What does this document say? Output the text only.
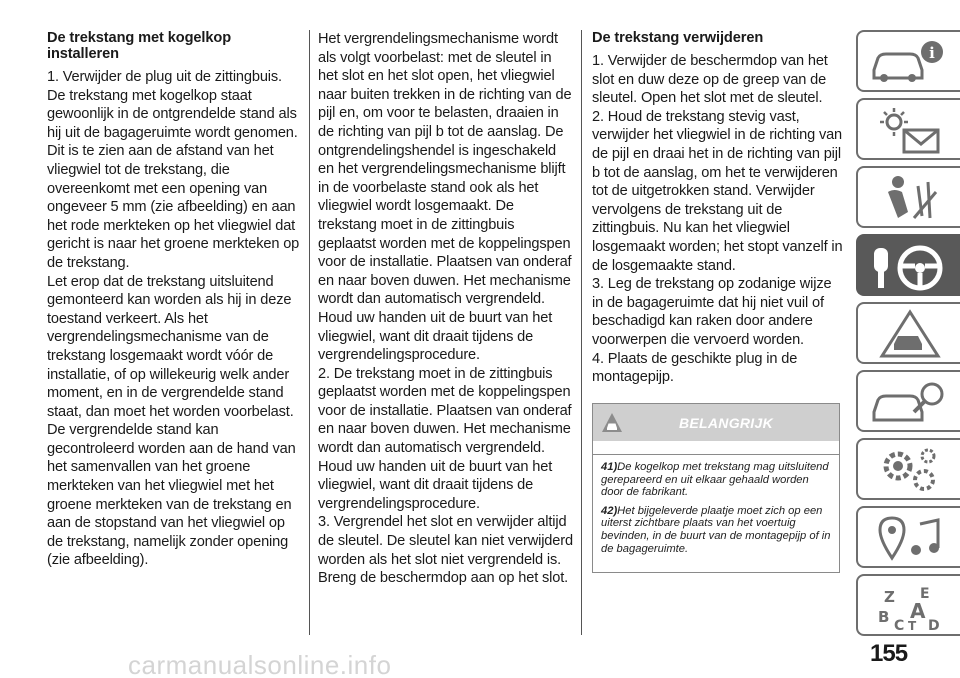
De trekstang met kogelkop installeren

1. Verwijder de plug uit de zittingbuis. De trekstang met kogelkop staat gewoonlijk in de ontgrendelde stand als hij uit de bagageruimte wordt genomen. Dit is te zien aan de afstand van het vliegwiel tot de trekstang, die overeenkomt met een opening van ongeveer 5 mm (zie afbeelding) en aan het rode merkteken op het vliegwiel dat gericht is naar het groene merkteken op de trekstang.

Let erop dat de trekstang uitsluitend gemonteerd kan worden als hij in deze toestand verkeert. Als het vergrendelingsmechanisme van de trekstang losgemaakt wordt vóór de installatie, of op willekeurig welk ander moment, en in de vergrendelde stand staat, dan moet het worden voorbelast. De vergrendelde stand kan gecontroleerd worden aan de hand van het samenvallen van het groene merkteken van het vliegwiel met het groene merkteken van de trekstang en aan de stopstand van het vliegwiel op de trekstang, namelijk zonder opening (zie afbeelding).

Het vergrendelingsmechanisme wordt als volgt voorbelast: met de sleutel in het slot en het slot open, het vliegwiel naar buiten trekken in de richting van de pijl en, om voor te belasten, draaien in de richting van pijl b tot de aanslag. De ontgrendelingshendel is ingeschakeld en het vergrendelingsmechanisme blijft in de voorbelaste stand ook als het vliegwiel wordt losgemaakt. De trekstang moet in de zittingbuis geplaatst worden met de koppelingspen voor de installatie. Plaatsen van onderaf en naar boven duwen. Het mechanisme wordt dan automatisch vergrendeld. Houd uw handen uit de buurt van het vliegwiel, want dit draait tijdens de vergrendelingsprocedure.

2. De trekstang moet in de zittingbuis geplaatst worden met de koppelingspen voor de installatie. Plaatsen van onderaf en naar boven duwen. Het mechanisme wordt dan automatisch vergrendeld. Houd uw handen uit de buurt van het vliegwiel, want dit draait tijdens de vergrendelingsprocedure.

3. Vergrendel het slot en verwijder altijd de sleutel. De sleutel kan niet verwijderd worden als het slot niet vergrendeld is. Breng de beschermdop aan op het slot.

De trekstang verwijderen

1. Verwijder de beschermdop van het slot en duw deze op de greep van de sleutel. Open het slot met de sleutel.

2. Houd de trekstang stevig vast, verwijder het vliegwiel in de richting van de pijl en draai het in de richting van pijl b tot de aanslag, om het te verwijderen tot de uitgetrokken stand. Verwijder vervolgens de trekstang uit de zittingbuis. Nu kan het vliegwiel losgemaakt worden; het stopt vanzelf in de losgemaakte stand.

3. Leg de trekstang op zodanige wijze in de bagageruimte dat hij niet vuil of beschadigd kan raken door andere voorwerpen die vervoerd worden.

4. Plaats de geschikte plug in de montagepijp.

BELANGRIJK

41)De kogelkop met trekstang mag uitsluitend gerepareerd en uit elkaar gehaald worden door de fabrikant.

42)Het bijgeleverde plaatje moet zich op een uiterst zichtbare plaats van het voertuig bevinden, in de buurt van de montagepijp of in de bagageruimte.

i
Z E
B A
C T D
155
carmanualsonline.info
